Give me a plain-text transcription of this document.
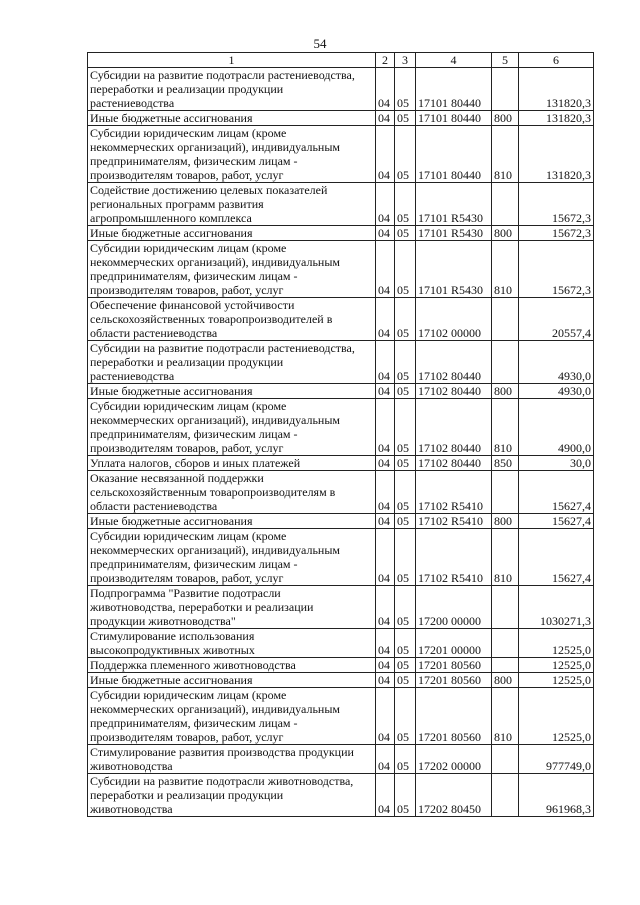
54
1	2	3	4	5	6
Субсидии на развитие подотрасли растениеводства,
переработки и реализации продукции
растениеводства	04	05	17101 80440		131820,3
Иные бюджетные ассигнования	04	05	17101 80440	800	131820,3
Субсидии юридическим лицам (кроме
некоммерческих организаций), индивидуальным
предпринимателям, физическим лицам -
производителям товаров, работ, услуг	04	05	17101 80440	810	131820,3
Содействие достижению целевых показателей
региональных программ развития
агропромышленного комплекса	04	05	17101 R5430		15672,3
Иные бюджетные ассигнования	04	05	17101 R5430	800	15672,3
Субсидии юридическим лицам (кроме
некоммерческих организаций), индивидуальным
предпринимателям, физическим лицам -
производителям товаров, работ, услуг	04	05	17101 R5430	810	15672,3
Обеспечение финансовой устойчивости
сельскохозяйственных товаропроизводителей в
области растениеводства	04	05	17102 00000		20557,4
Субсидии на развитие подотрасли растениеводства,
переработки и реализации продукции
растениеводства	04	05	17102 80440		4930,0
Иные бюджетные ассигнования	04	05	17102 80440	800	4930,0
Субсидии юридическим лицам (кроме
некоммерческих организаций), индивидуальным
предпринимателям, физическим лицам -
производителям товаров, работ, услуг	04	05	17102 80440	810	4900,0
Уплата налогов, сборов и иных платежей	04	05	17102 80440	850	30,0
Оказание несвязанной поддержки
сельскохозяйственным товаропроизводителям в
области растениеводства	04	05	17102 R5410		15627,4
Иные бюджетные ассигнования	04	05	17102 R5410	800	15627,4
Субсидии юридическим лицам (кроме
некоммерческих организаций), индивидуальным
предпринимателям, физическим лицам -
производителям товаров, работ, услуг	04	05	17102 R5410	810	15627,4
Подпрограмма "Развитие подотрасли
животноводства, переработки и реализации
продукции животноводства"	04	05	17200 00000		1030271,3
Стимулирование использования
высокопродуктивных животных	04	05	17201 00000		12525,0
Поддержка племенного животноводства	04	05	17201 80560		12525,0
Иные бюджетные ассигнования	04	05	17201 80560	800	12525,0
Субсидии юридическим лицам (кроме
некоммерческих организаций), индивидуальным
предпринимателям, физическим лицам -
производителям товаров, работ, услуг	04	05	17201 80560	810	12525,0
Стимулирование развития производства продукции
животноводства	04	05	17202 00000		977749,0
Субсидии на развитие подотрасли животноводства,
переработки и реализации продукции
животноводства	04	05	17202 80450		961968,3
